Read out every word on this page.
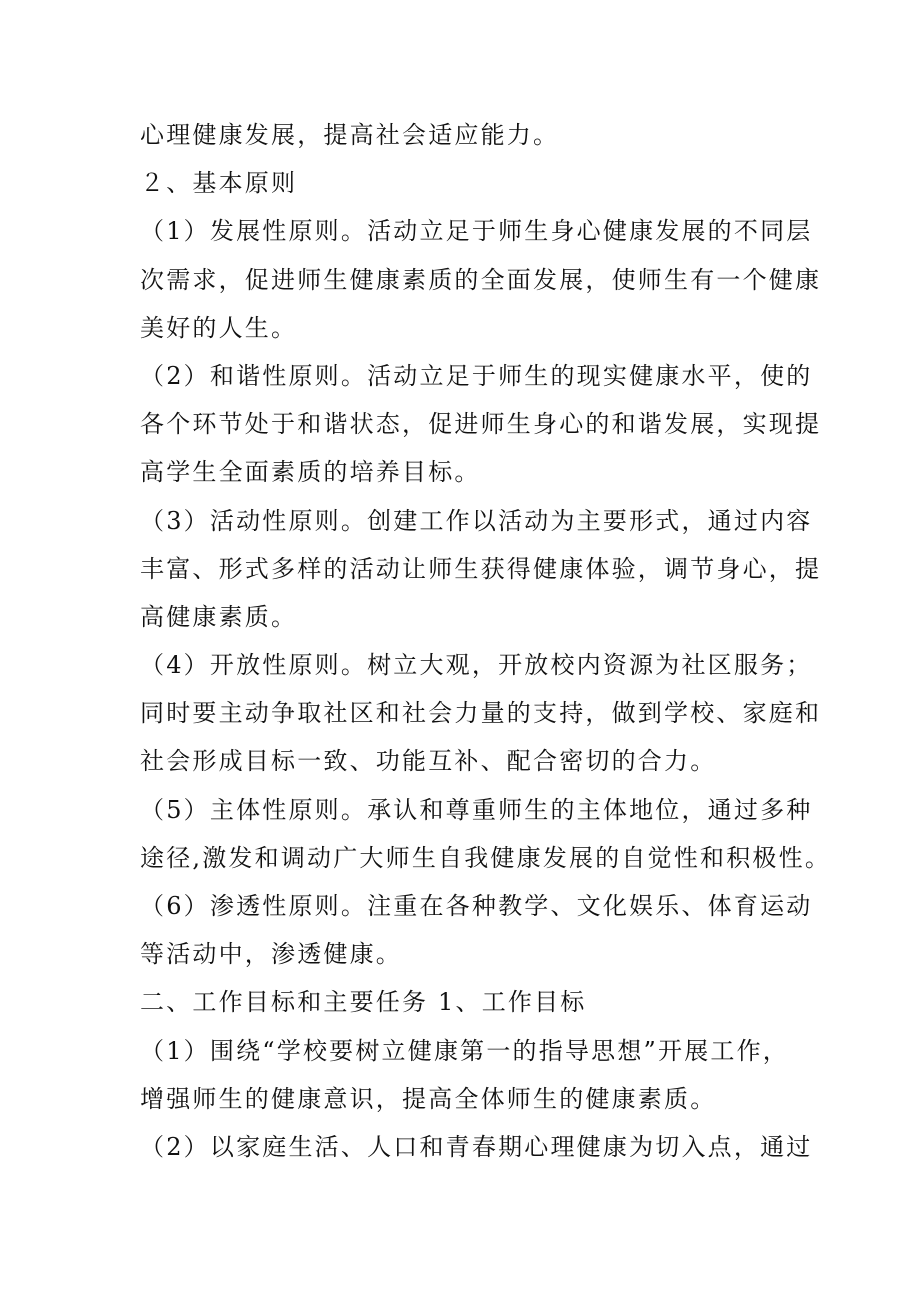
心理健康发展，提高社会适应能力。
２、基本原则
（1）发展性原则。活动立足于师生身心健康发展的不同层
次需求，促进师生健康素质的全面发展，使师生有一个健康
美好的人生。
（2）和谐性原则。活动立足于师生的现实健康水平，使的
各个环节处于和谐状态，促进师生身心的和谐发展，实现提
高学生全面素质的培养目标。
（3）活动性原则。创建工作以活动为主要形式，通过内容
丰富、形式多样的活动让师生获得健康体验，调节身心，提
高健康素质。
（4）开放性原则。树立大观，开放校内资源为社区服务；
同时要主动争取社区和社会力量的支持，做到学校、家庭和
社会形成目标一致、功能互补、配合密切的合力。
（5）主体性原则。承认和尊重师生的主体地位，通过多种
途径,激发和调动广大师生自我健康发展的自觉性和积极性。
（6）渗透性原则。注重在各种教学、文化娱乐、体育运动
等活动中，渗透健康。
二、工作目标和主要任务 1、工作目标
（1）围绕“学校要树立健康第一的指导思想”开展工作，
增强师生的健康意识，提高全体师生的健康素质。
（2）以家庭生活、人口和青春期心理健康为切入点，通过
